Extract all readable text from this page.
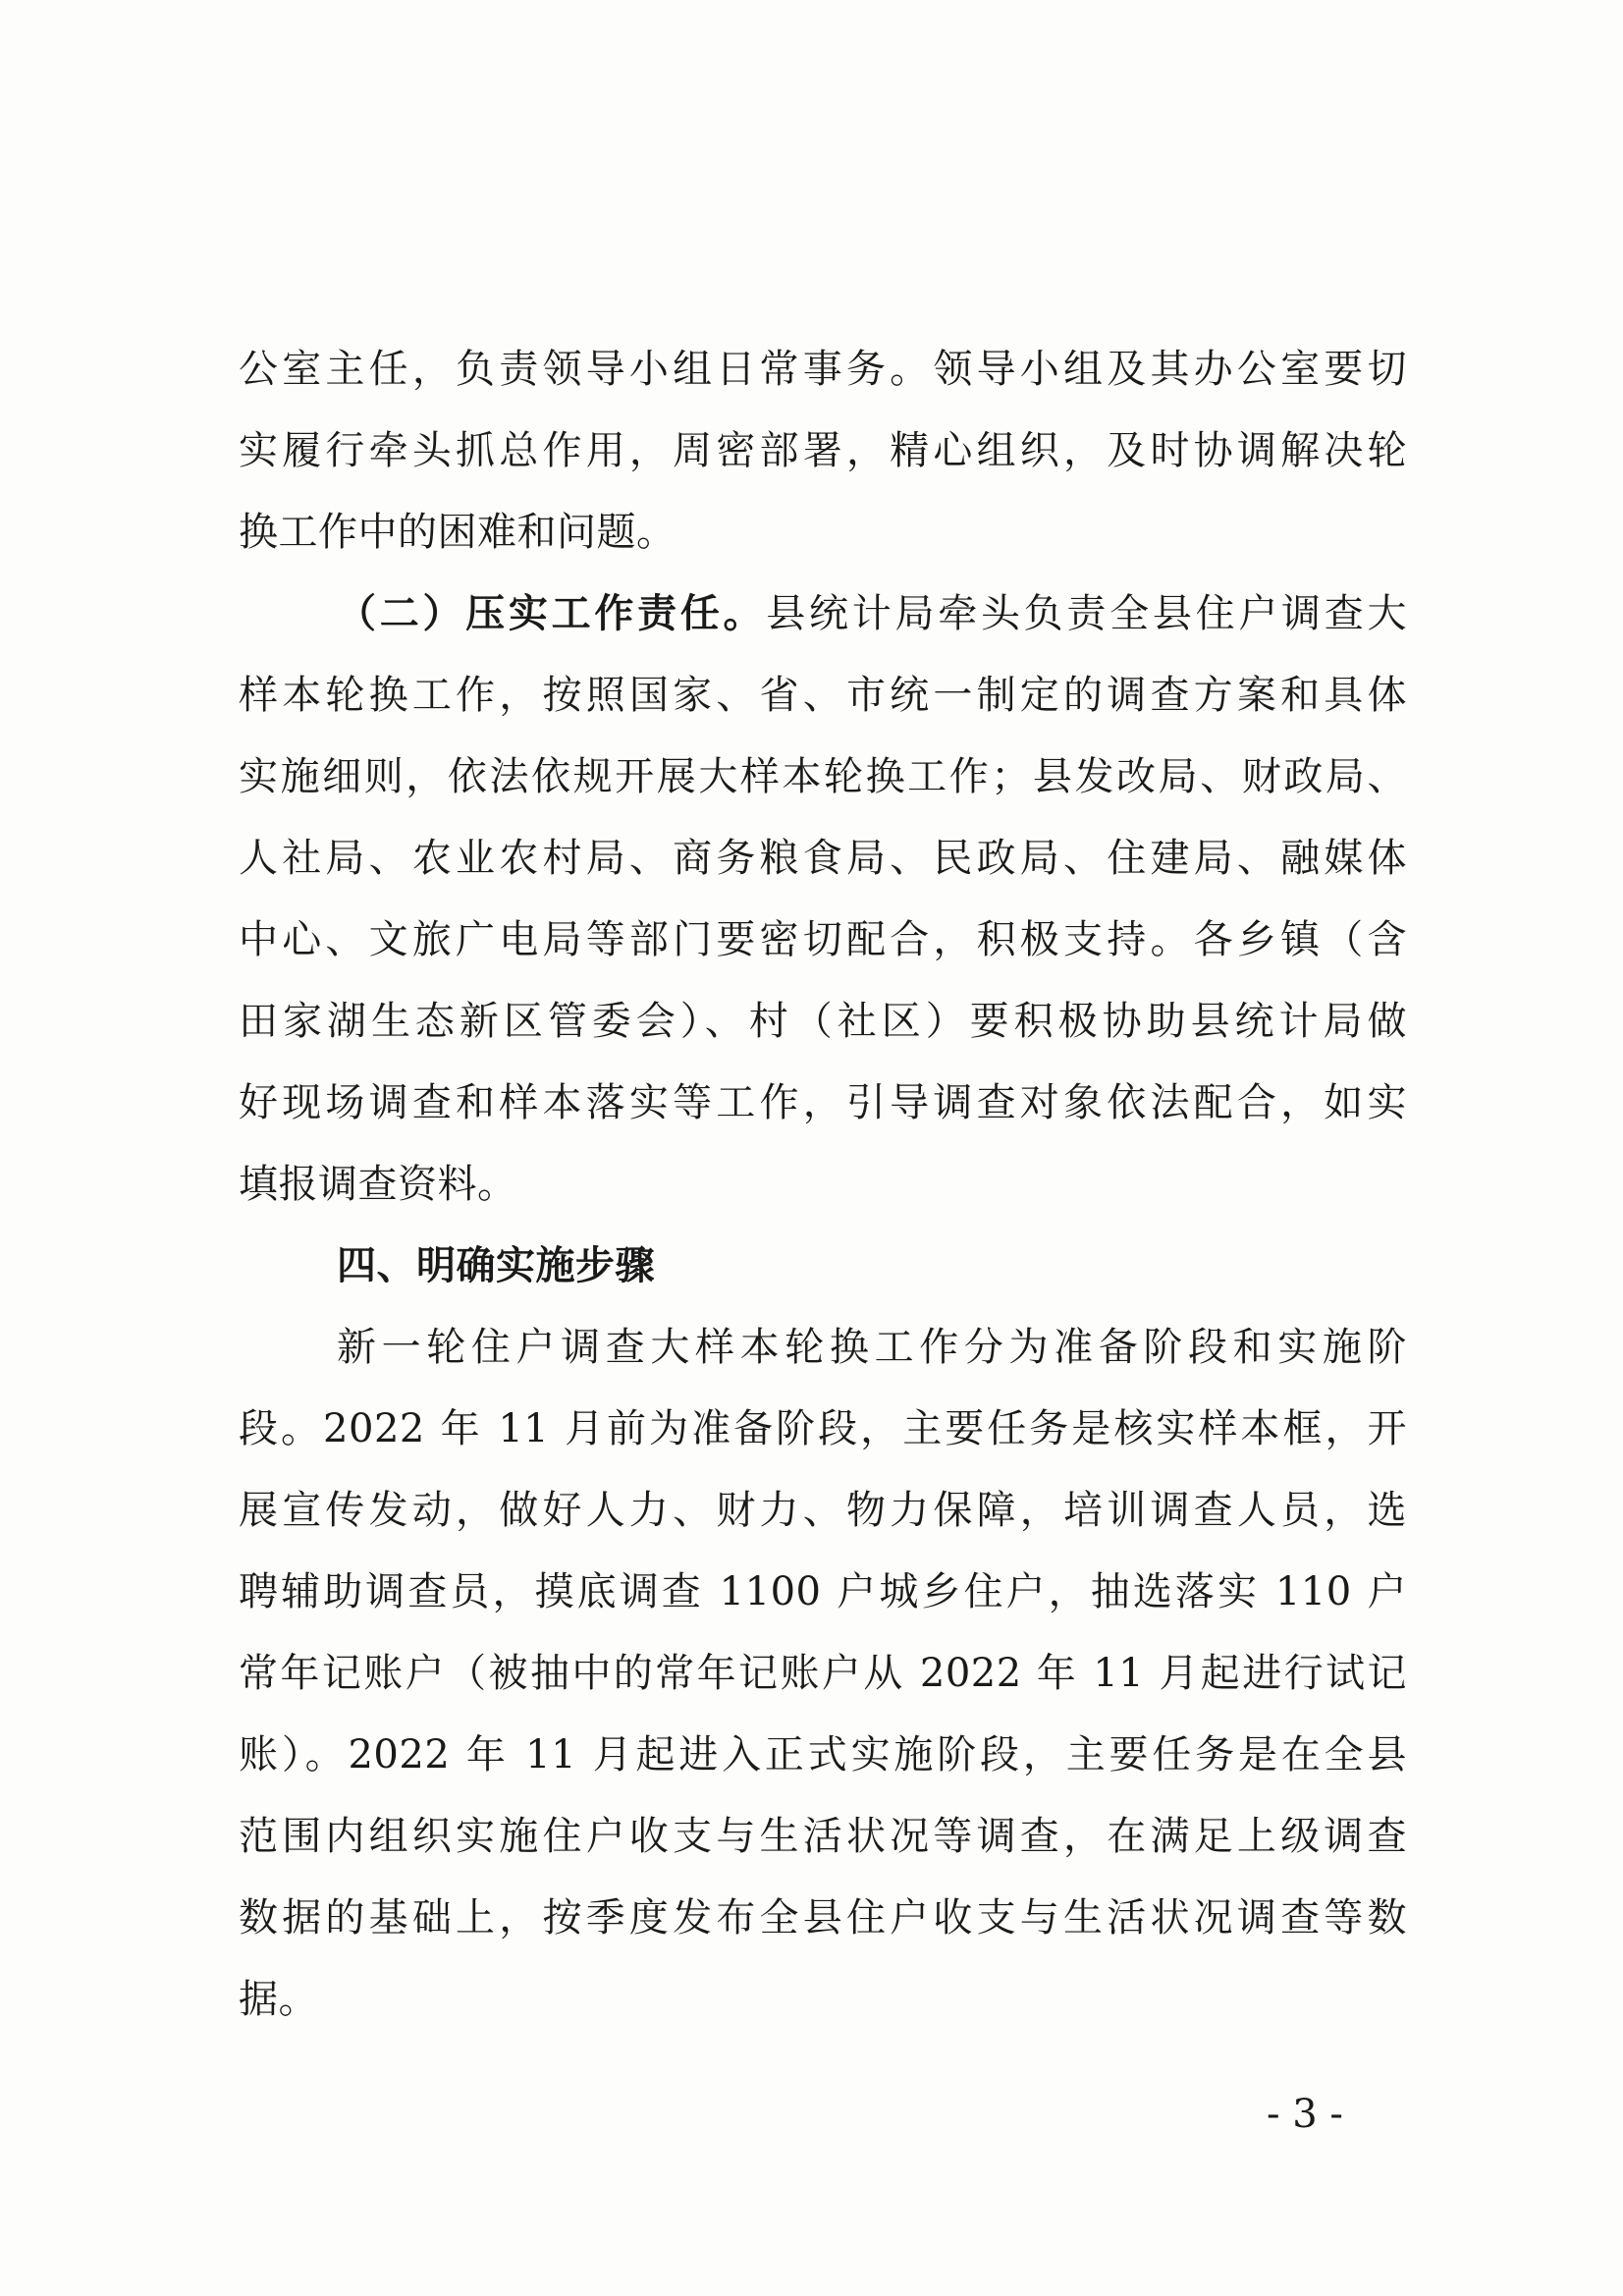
公室主任，负责领导小组日常事务。领导小组及其办公室要切
实履行牵头抓总作用，周密部署，精心组织，及时协调解决轮
换工作中的困难和问题。
（二）压实工作责任。县统计局牵头负责全县住户调查大
样本轮换工作，按照国家、省、市统一制定的调查方案和具体
实施细则，依法依规开展大样本轮换工作；县发改局、财政局、
人社局、农业农村局、商务粮食局、民政局、住建局、融媒体
中心、文旅广电局等部门要密切配合，积极支持。各乡镇（含
田家湖生态新区管委会）、村（社区）要积极协助县统计局做
好现场调查和样本落实等工作，引导调查对象依法配合，如实
填报调查资料。
四、明确实施步骤
新一轮住户调查大样本轮换工作分为准备阶段和实施阶
段。2022 年 11 月前为准备阶段，主要任务是核实样本框，开
展宣传发动，做好人力、财力、物力保障，培训调查人员，选
聘辅助调查员，摸底调查 1100 户城乡住户，抽选落实 110 户
常年记账户（被抽中的常年记账户从 2022 年 11 月起进行试记
账）。2022 年 11 月起进入正式实施阶段，主要任务是在全县
范围内组织实施住户收支与生活状况等调查，在满足上级调查
数据的基础上，按季度发布全县住户收支与生活状况调查等数
据。
- 3 -
